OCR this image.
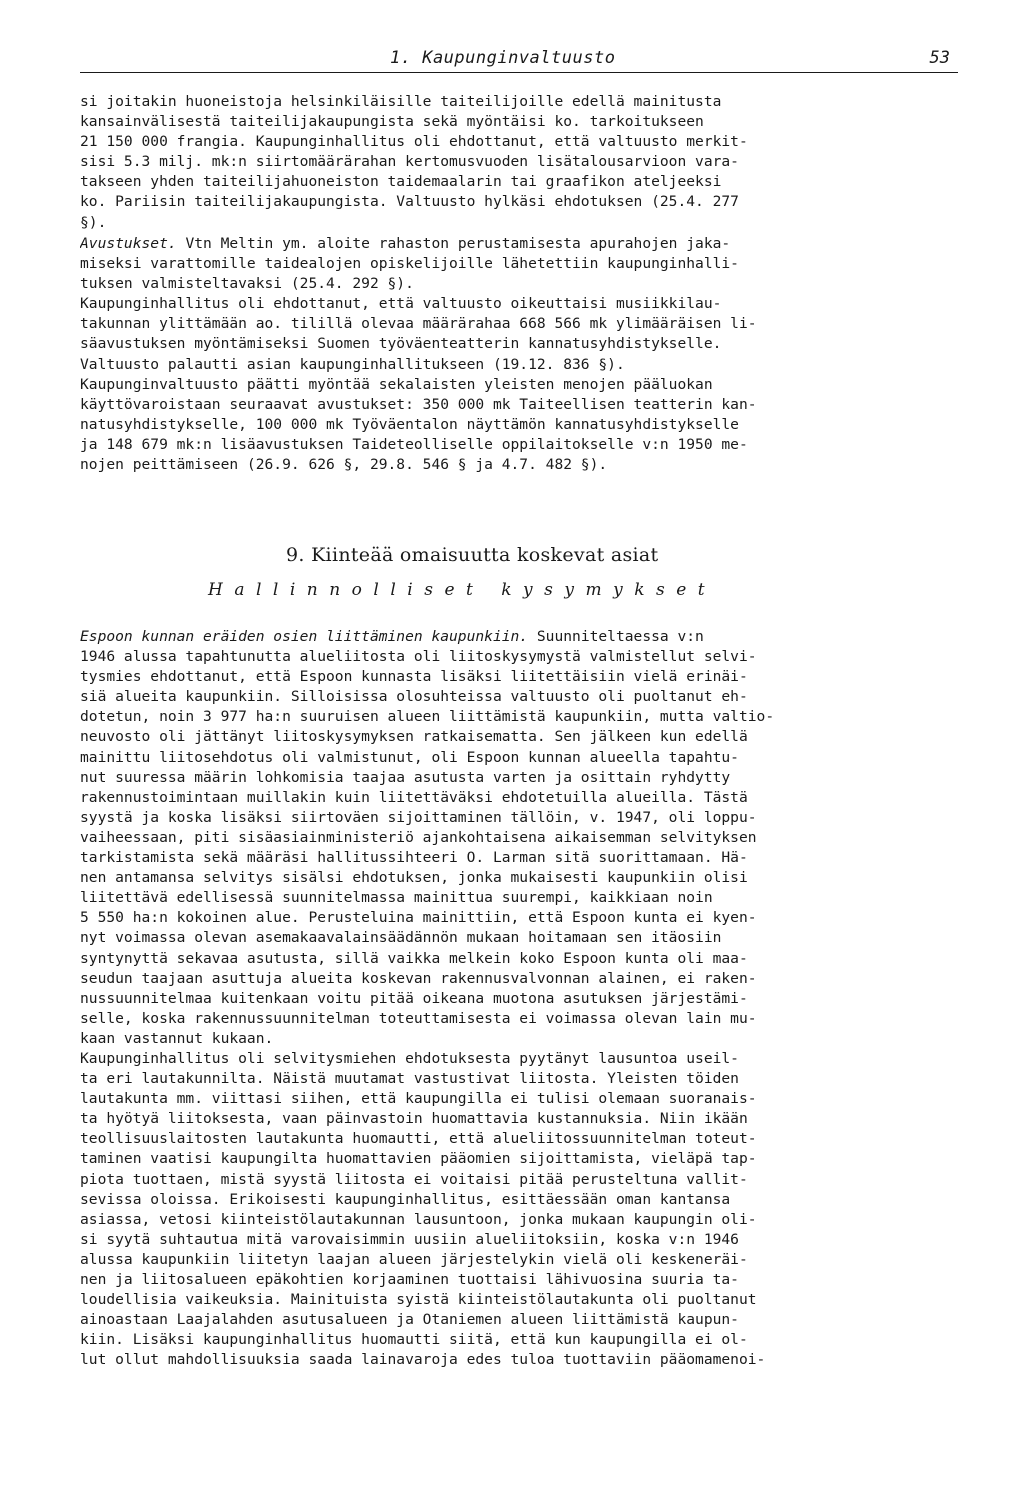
1. Kaupunginvaltuusto	53
si joitakin huoneistoja helsinkiläisille taiteilijoille edellä mainitusta
kansainvälisestä taiteilijakaupungista sekä myöntäisi ko. tarkoitukseen
21 150 000 frangia. Kaupunginhallitus oli ehdottanut, että valtuusto merkit-
sisi 5.3 milj. mk:n siirtomäärärahan kertomusvuoden lisätalousarvioon vara-
takseen yhden taiteilijahuoneiston taidemaalarin tai graafikon ateljeeksi
ko. Pariisin taiteilijakaupungista. Valtuusto hylkäsi ehdotuksen (25.4. 277
§).
Avustukset. Vtn Meltin ym. aloite rahaston perustamisesta apurahojen jaka-
miseksi varattomille taidealojen opiskelijoille lähetettiin kaupunginhalli-
tuksen valmisteltavaksi (25.4. 292 §).
Kaupunginhallitus oli ehdottanut, että valtuusto oikeuttaisi musiikkilau-
takunnan ylittämään ao. tilillä olevaa määrärahaa 668 566 mk ylimääräisen li-
säavustuksen myöntämiseksi Suomen työväenteatterin kannatusyhdistykselle.
Valtuusto palautti asian kaupunginhallitukseen (19.12. 836 §).
Kaupunginvaltuusto päätti myöntää sekalaisten yleisten menojen pääluokan
käyttövaroistaan seuraavat avustukset: 350 000 mk Taiteellisen teatterin kan-
natusyhdistykselle, 100 000 mk Työväentalon näyttämön kannatusyhdistykselle
ja 148 679 mk:n lisäavustuksen Taideteolliselle oppilaitokselle v:n 1950 me-
nojen peittämiseen (26.9. 626 §, 29.8. 546 § ja 4.7. 482 §).
9. Kiinteää omaisuutta koskevat asiat
Hallinnolliset kysymykset
Espoon kunnan eräiden osien liittäminen kaupunkiin. Suunniteltaessa v:n
1946 alussa tapahtunutta alueliitosta oli liitoskysymystä valmistellut selvi-
tysmies ehdottanut, että Espoon kunnasta lisäksi liitettäisiin vielä erinäi-
siä alueita kaupunkiin. Silloisissa olosuhteissa valtuusto oli puoltanut eh-
dotetun, noin 3 977 ha:n suuruisen alueen liittämistä kaupunkiin, mutta valtio-
neuvosto oli jättänyt liitoskysymyksen ratkaisematta. Sen jälkeen kun edellä
mainittu liitosehdotus oli valmistunut, oli Espoon kunnan alueella tapahtu-
nut suuressa määrin lohkomisia taajaa asutusta varten ja osittain ryhdytty
rakennustoimintaan muillakin kuin liitettäväksi ehdotetuilla alueilla. Tästä
syystä ja koska lisäksi siirtoväen sijoittaminen tällöin, v. 1947, oli loppu-
vaiheessaan, piti sisäasiainministeriö ajankohtaisena aikaisemman selvityksen
tarkistamista sekä määräsi hallitussihteeri O. Larman sitä suorittamaan. Hä-
nen antamansa selvitys sisälsi ehdotuksen, jonka mukaisesti kaupunkiin olisi
liitettävä edellisessä suunnitelmassa mainittua suurempi, kaikkiaan noin
5 550 ha:n kokoinen alue. Perusteluina mainittiin, että Espoon kunta ei kyen-
nyt voimassa olevan asemakaavalainsäädännön mukaan hoitamaan sen itäosiin
syntynyttä sekavaa asutusta, sillä vaikka melkein koko Espoon kunta oli maa-
seudun taajaan asuttuja alueita koskevan rakennusvalvonnan alainen, ei raken-
nussuunnitelmaa kuitenkaan voitu pitää oikeana muotona asutuksen järjestämi-
selle, koska rakennussuunnitelman toteuttamisesta ei voimassa olevan lain mu-
kaan vastannut kukaan.
Kaupunginhallitus oli selvitysmiehen ehdotuksesta pyytänyt lausuntoa useil-
ta eri lautakunnilta. Näistä muutamat vastustivat liitosta. Yleisten töiden
lautakunta mm. viittasi siihen, että kaupungilla ei tulisi olemaan suoranais-
ta hyötyä liitoksesta, vaan päinvastoin huomattavia kustannuksia. Niin ikään
teollisuuslaitosten lautakunta huomautti, että alueliitossuunnitelman toteut-
taminen vaatisi kaupungilta huomattavien pääomien sijoittamista, vieläpä tap-
piota tuottaen, mistä syystä liitosta ei voitaisi pitää perusteltuna vallit-
sevissa oloissa. Erikoisesti kaupunginhallitus, esittäessään oman kantansa
asiassa, vetosi kiinteistölautakunnan lausuntoon, jonka mukaan kaupungin oli-
si syytä suhtautua mitä varovaisimmin uusiin alueliitoksiin, koska v:n 1946
alussa kaupunkiin liitetyn laajan alueen järjestelykin vielä oli keskeneräi-
nen ja liitosalueen epäkohtien korjaaminen tuottaisi lähivuosina suuria ta-
loudellisia vaikeuksia. Mainituista syistä kiinteistölautakunta oli puoltanut
ainoastaan Laajalahden asutusalueen ja Otaniemen alueen liittämistä kaupun-
kiin. Lisäksi kaupunginhallitus huomautti siitä, että kun kaupungilla ei ol-
lut ollut mahdollisuuksia saada lainavaroja edes tuloa tuottaviin pääomamenoi-
